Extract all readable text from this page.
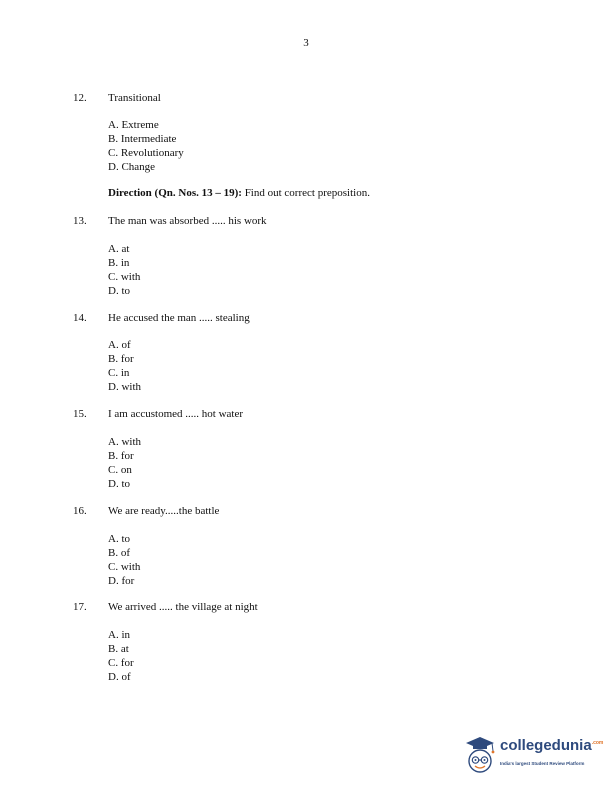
3
12. Transitional
A. Extreme
B. Intermediate
C. Revolutionary
D. Change
Direction (Qn. Nos. 13 – 19): Find out correct preposition.
13. The man was absorbed ..... his work
A. at
B. in
C. with
D. to
14. He accused the man ..... stealing
A. of
B. for
C. in
D. with
15. I am accustomed ..... hot water
A. with
B. for
C. on
D. to
16. We are ready.....the battle
A. to
B. of
C. with
D. for
17. We arrived ..... the village at night
A. in
B. at
C. for
D. of
collegedunia$^{.com}$
India's largest Student Review Platform
